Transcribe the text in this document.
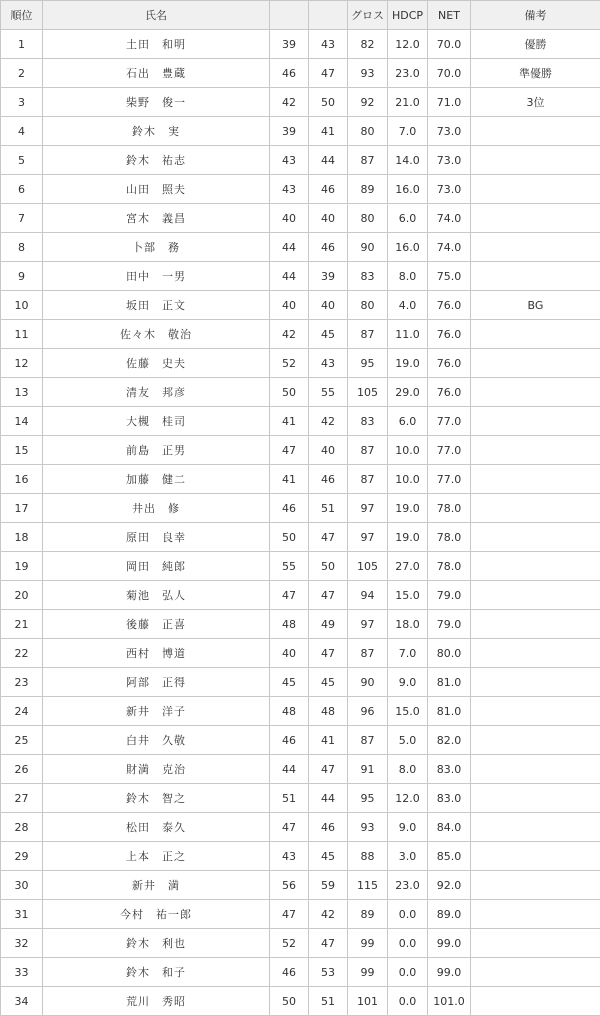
順位	氏名			グロス	HDCP	NET	備考
1	土田　和明	39	43	82	12.0	70.0	優勝
2	石出　豊蔵	46	47	93	23.0	70.0	準優勝
3	柴野　俊一	42	50	92	21.0	71.0	3位
4	鈴木　実	39	41	80	7.0	73.0	
5	鈴木　祐志	43	44	87	14.0	73.0	
6	山田　照夫	43	46	89	16.0	73.0	
7	宮木　義昌	40	40	80	6.0	74.0	
8	卜部　務	44	46	90	16.0	74.0	
9	田中　一男	44	39	83	8.0	75.0	
10	坂田　正文	40	40	80	4.0	76.0	BG
11	佐々木　敬治	42	45	87	11.0	76.0	
12	佐藤　史夫	52	43	95	19.0	76.0	
13	清友　邦彦	50	55	105	29.0	76.0	
14	大槻　桂司	41	42	83	6.0	77.0	
15	前島　正男	47	40	87	10.0	77.0	
16	加藤　健二	41	46	87	10.0	77.0	
17	井出　修	46	51	97	19.0	78.0	
18	原田　良幸	50	47	97	19.0	78.0	
19	岡田　純郎	55	50	105	27.0	78.0	
20	菊池　弘人	47	47	94	15.0	79.0	
21	後藤　正喜	48	49	97	18.0	79.0	
22	西村　博道	40	47	87	7.0	80.0	
23	阿部　正得	45	45	90	9.0	81.0	
24	新井　洋子	48	48	96	15.0	81.0	
25	白井　久敬	46	41	87	5.0	82.0	
26	財満　克治	44	47	91	8.0	83.0	
27	鈴木　智之	51	44	95	12.0	83.0	
28	松田　泰久	47	46	93	9.0	84.0	
29	上本　正之	43	45	88	3.0	85.0	
30	新井　満	56	59	115	23.0	92.0	
31	今村　祐一郎	47	42	89	0.0	89.0	
32	鈴木　利也	52	47	99	0.0	99.0	
33	鈴木　和子	46	53	99	0.0	99.0	
34	荒川　秀昭	50	51	101	0.0	101.0	
